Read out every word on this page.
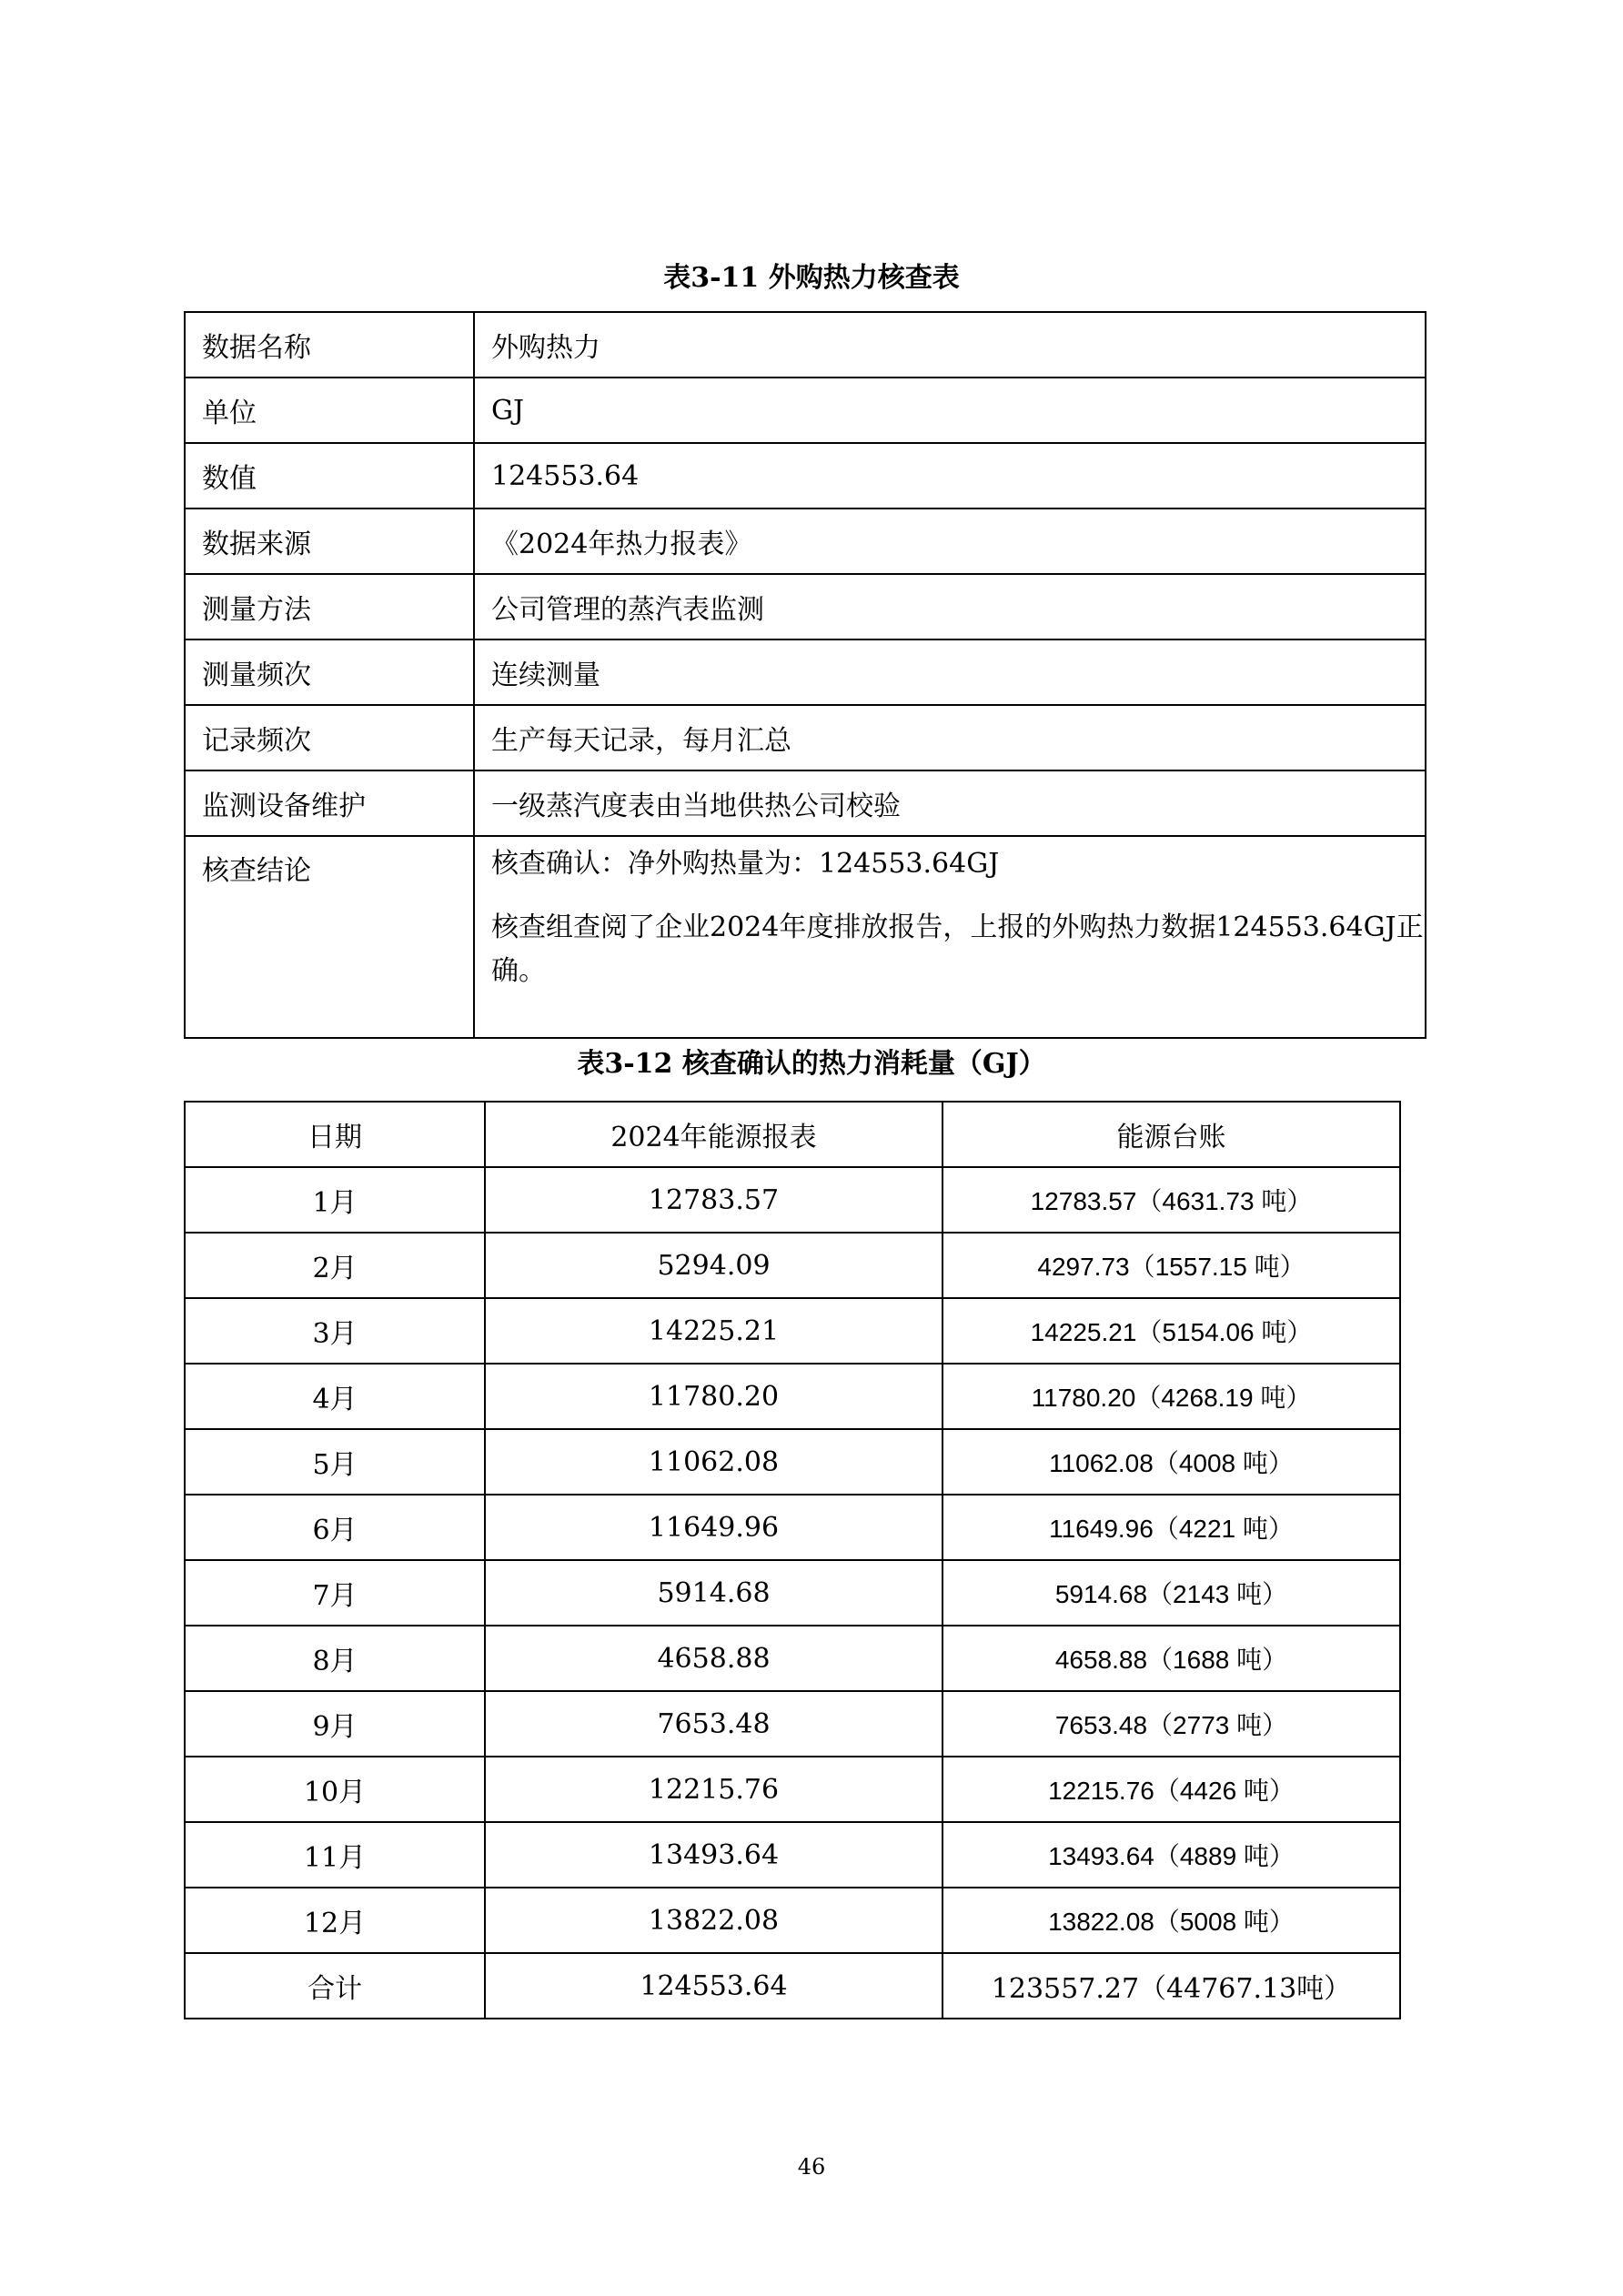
表3-11 外购热力核查表
数据名称	外购热力
单位	GJ
数值	124553.64
数据来源	《2024年热力报表》
测量方法	公司管理的蒸汽表监测
测量频次	连续测量
记录频次	生产每天记录，每月汇总
监测设备维护	一级蒸汽度表由当地供热公司校验
核查结论	核查确认：净外购热量为：124553.64GJ

核查组查阅了企业2024年度排放报告，上报的外购热力数据124553.64GJ正
确。

表3-12 核查确认的热力消耗量（GJ）
日期	2024年能源报表	能源台账
1月	12783.57	12783.57（4631.73 吨）
2月	5294.09	4297.73（1557.15 吨）
3月	14225.21	14225.21（5154.06 吨）
4月	11780.20	11780.20（4268.19 吨）
5月	11062.08	11062.08（4008 吨）
6月	11649.96	11649.96（4221 吨）
7月	5914.68	5914.68（2143 吨）
8月	4658.88	4658.88（1688 吨）
9月	7653.48	7653.48（2773 吨）
10月	12215.76	12215.76（4426 吨）
11月	13493.64	13493.64（4889 吨）
12月	13822.08	13822.08（5008 吨）
合计	124553.64	123557.27（44767.13吨）
46
